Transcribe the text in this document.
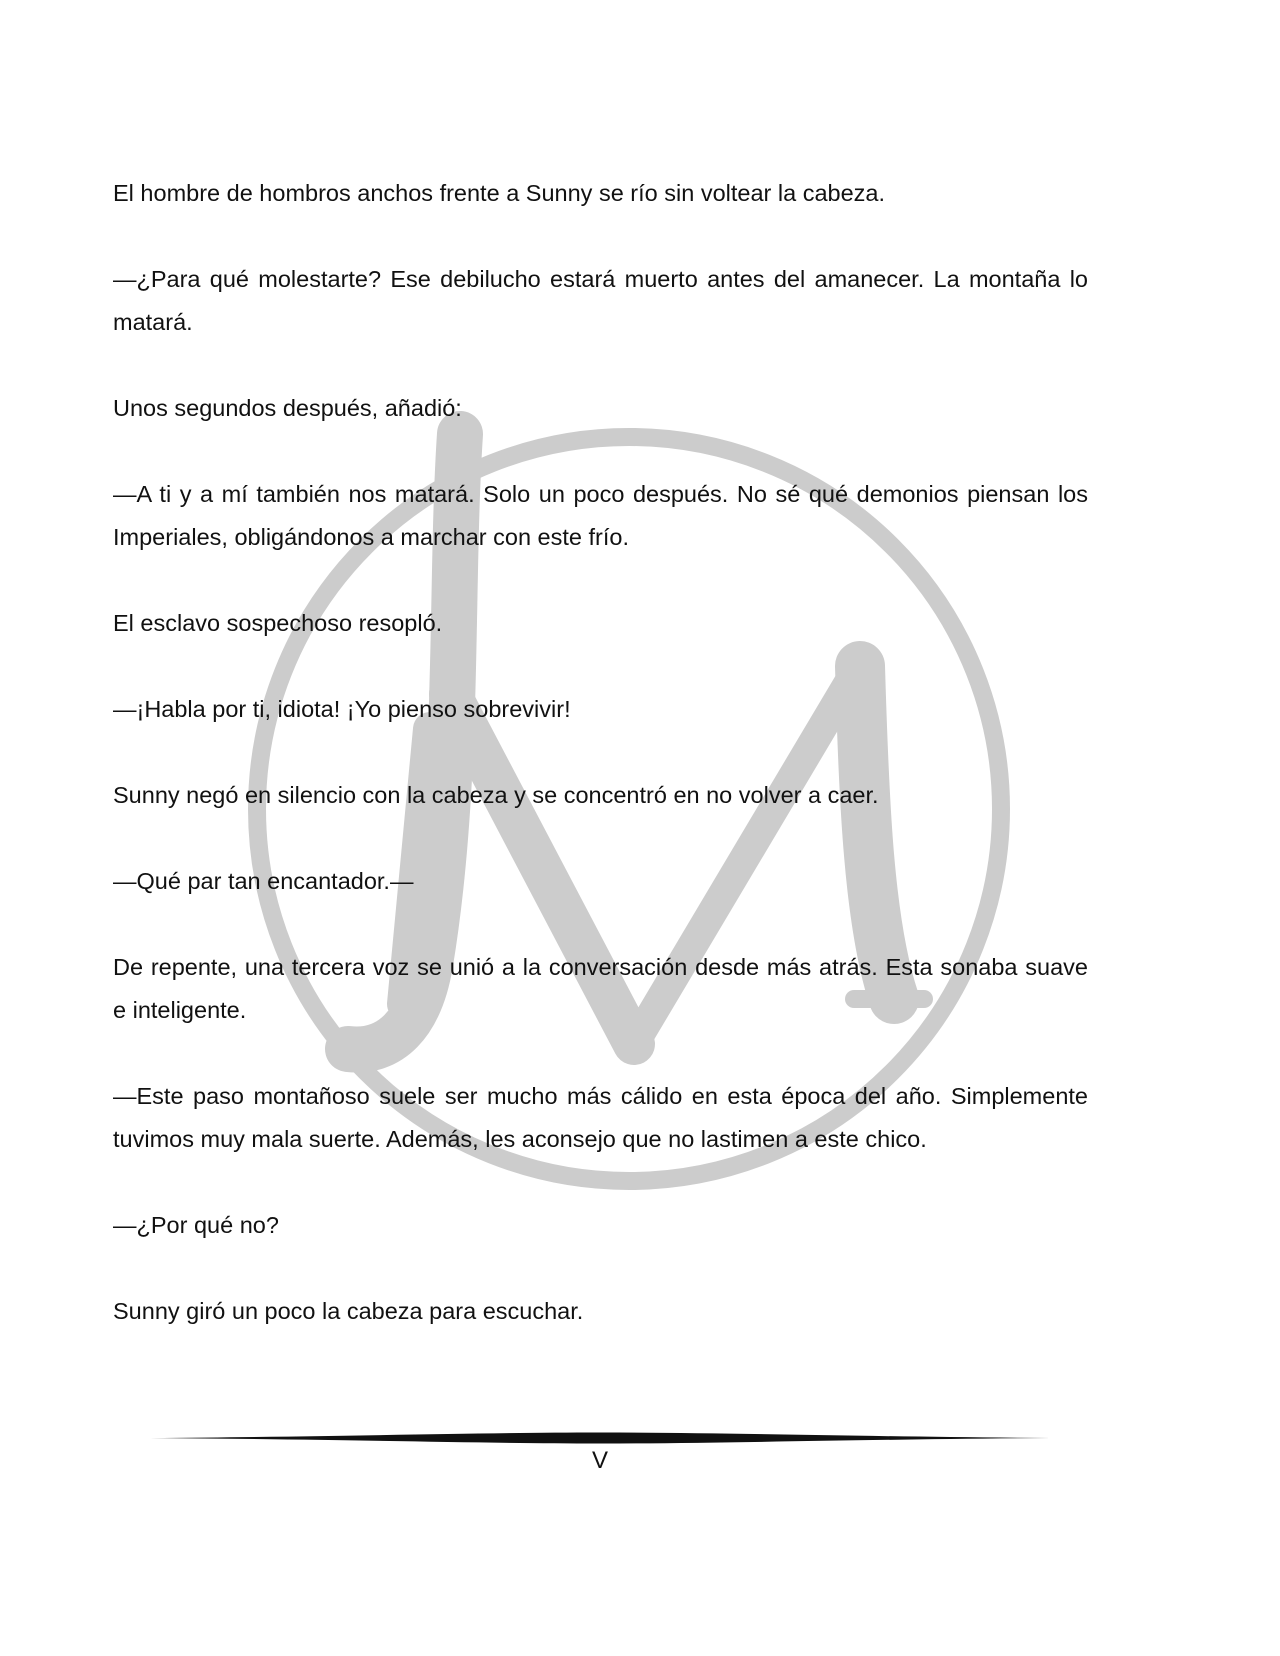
El hombre de hombros anchos frente a Sunny se río sin voltear la cabeza.

—¿Para qué molestarte? Ese debilucho estará muerto antes del amanecer. La montaña lo matará.

Unos segundos después, añadió:

—A ti y a mí también nos matará. Solo un poco después. No sé qué demonios piensan los Imperiales, obligándonos a marchar con este frío.

El esclavo sospechoso resopló.

—¡Habla por ti, idiota! ¡Yo pienso sobrevivir!

Sunny negó en silencio con la cabeza y se concentró en no volver a caer.

—Qué par tan encantador.—

De repente, una tercera voz se unió a la conversación desde más atrás. Esta sonaba suave e inteligente.

—Este paso montañoso suele ser mucho más cálido en esta época del año. Simplemente tuvimos muy mala suerte. Además, les aconsejo que no lastimen a este chico.

—¿Por qué no?

Sunny giró un poco la cabeza para escuchar.

V
